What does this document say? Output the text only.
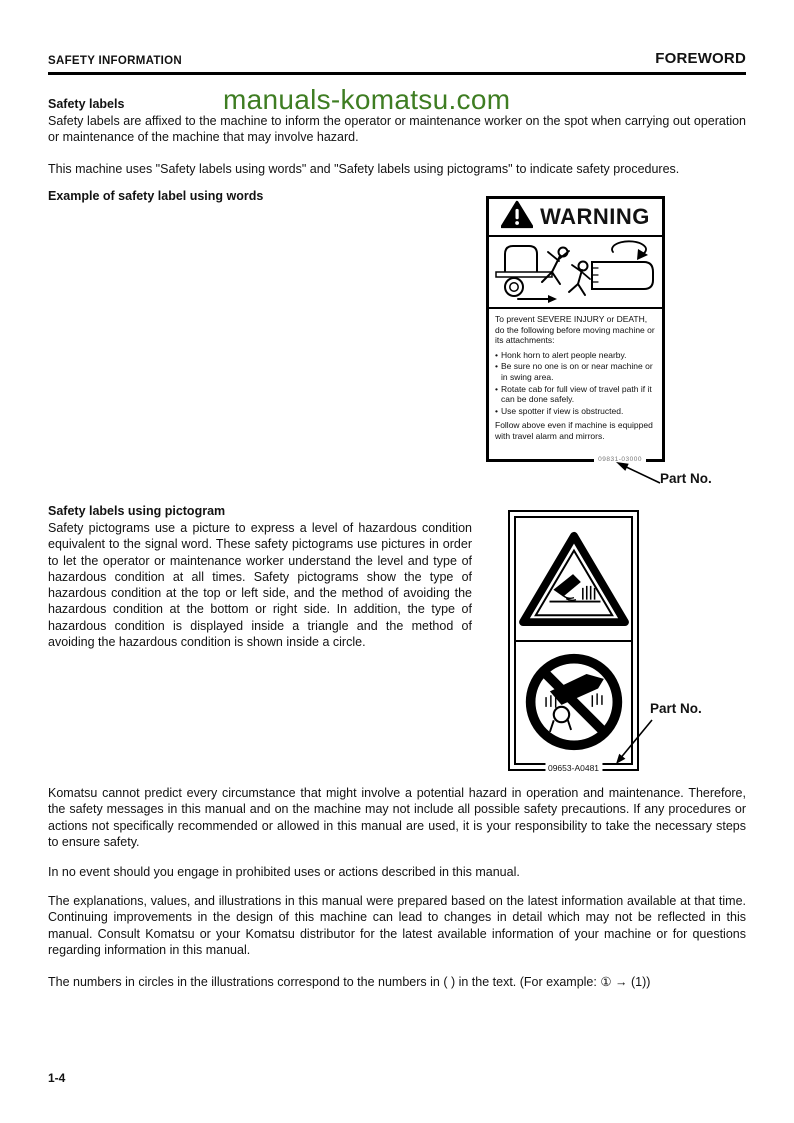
SAFETY INFORMATION	FOREWORD
manuals-komatsu.com
Safety labels

Safety labels are affixed to the machine to inform the operator or maintenance worker on the spot when carrying out operation or maintenance of the machine that may involve hazard.

This machine uses "Safety labels using words" and "Safety labels using pictograms" to indicate safety procedures.

Example of safety label using words
WARNING

To prevent SEVERE INJURY or DEATH, do the following before moving machine or its attachments:

•
Honk horn to alert people nearby.
•
Be sure no one is on or near machine or in swing area.
•
Rotate cab for full view of travel path if it can be done safely.
•
Use spotter if view is obstructed.

Follow above even if machine is equipped with travel alarm and mirrors.

09831-03000
Part No.
Safety labels using pictogram

Safety pictograms use a picture to express a level of hazardous condition equivalent to the signal word. These safety pictograms use pictures in order to let the operator or maintenance worker understand the level and type of hazardous condition at all times. Safety pictograms show the type of hazardous condition at the top or left side, and the method of avoiding the hazardous condition at the bottom or right side. In addition, the type of hazardous condition is displayed inside a triangle and the method of avoiding the hazardous condition is shown inside a circle.

09653-A0481
Part No.

Komatsu cannot predict every circumstance that might involve a potential hazard in operation and maintenance. Therefore, the safety messages in this manual and on the machine may not include all possible safety precautions. If any procedures or actions not specifically recommended or allowed in this manual are used, it is your responsibility to take the necessary steps to ensure safety.

In no event should you engage in prohibited uses or actions described in this manual.

The explanations, values, and illustrations in this manual were prepared based on the latest information available at that time. Continuing improvements in the design of this machine can lead to changes in detail which may not be reflected in this manual. Consult Komatsu or your Komatsu distributor for the latest available information of your machine or for questions regarding information in this manual.

The numbers in circles in the illustrations correspond to the numbers in ( ) in the text. (For example: ① → (1))

1-4
